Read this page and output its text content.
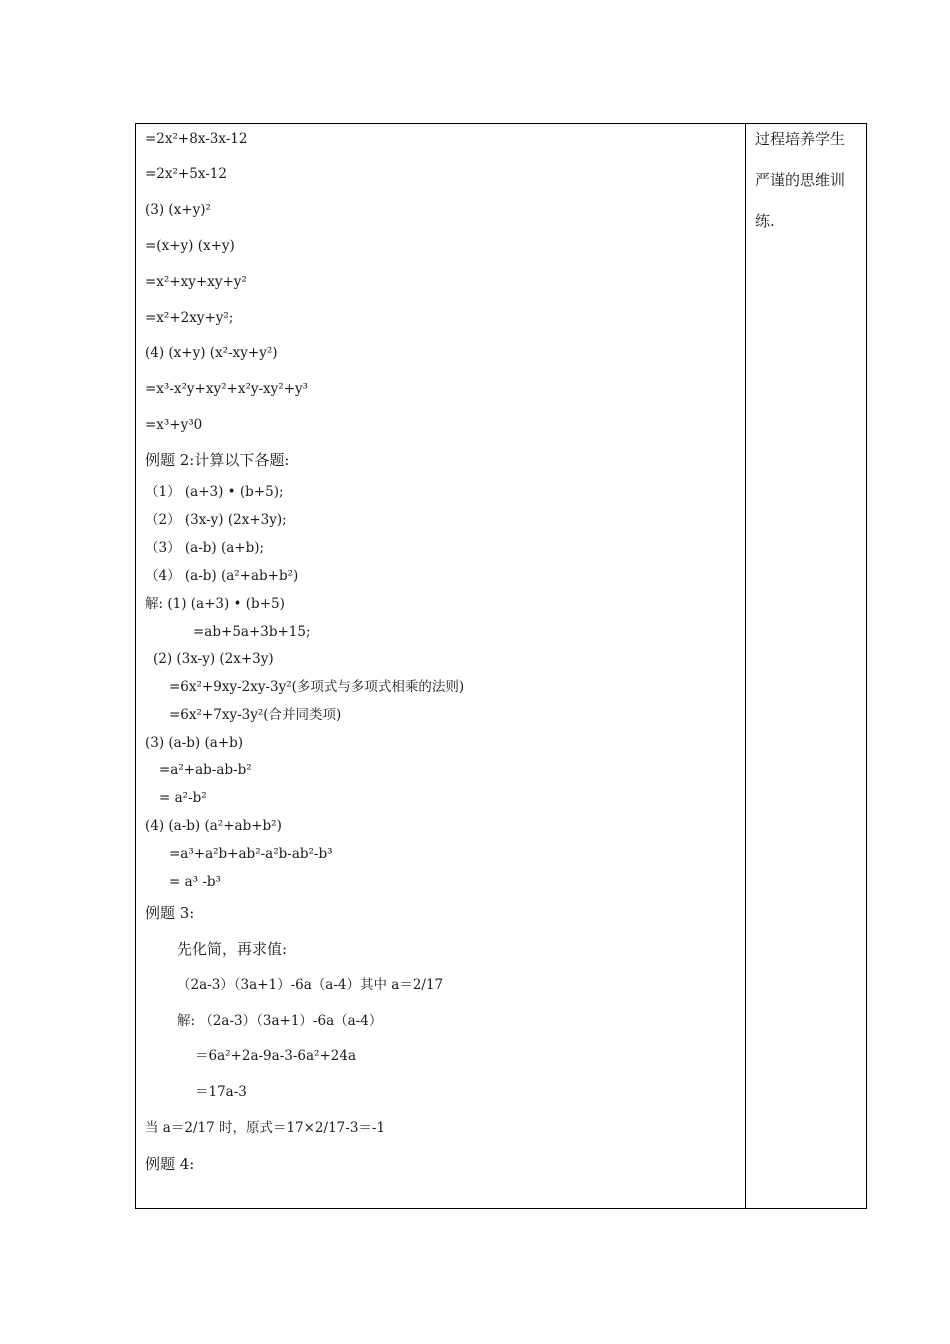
=2x²+8x-3x-12
=2x²+5x-12
(3) (x+y)²
=(x+y) (x+y)
=x²+xy+xy+y²
=x²+2xy+y²;
(4) (x+y) (x²-xy+y²)
=x³-x²y+xy²+x²y-xy²+y³
=x³+y³0
例题 2:计算以下各题:
（1） (a+3) • (b+5);
（2） (3x-y) (2x+3y);
（3） (a-b) (a+b);
（4） (a-b) (a²+ab+b²)
解: (1) (a+3) • (b+5)
=ab+5a+3b+15;
(2) (3x-y) (2x+3y)
=6x²+9xy-2xy-3y²(多项式与多项式相乘的法则)
=6x²+7xy-3y²(合并同类项)
(3) (a-b) (a+b)
=a²+ab-ab-b²
= a²-b²
(4) (a-b) (a²+ab+b²)
=a³+a²b+ab²-a²b-ab²-b³
= a³ -b³
例题 3:
先化简，再求值:
（2a-3）（3a+1）-6a（a-4）其中 a＝2/17
解: （2a-3）（3a+1）-6a（a-4）
＝6a²+2a-9a-3-6a²+24a
＝17a-3
当 a＝2/17 时，原式＝17×2/17-3＝-1
例题 4:
过程培养学生
严谨的思维训
练.
